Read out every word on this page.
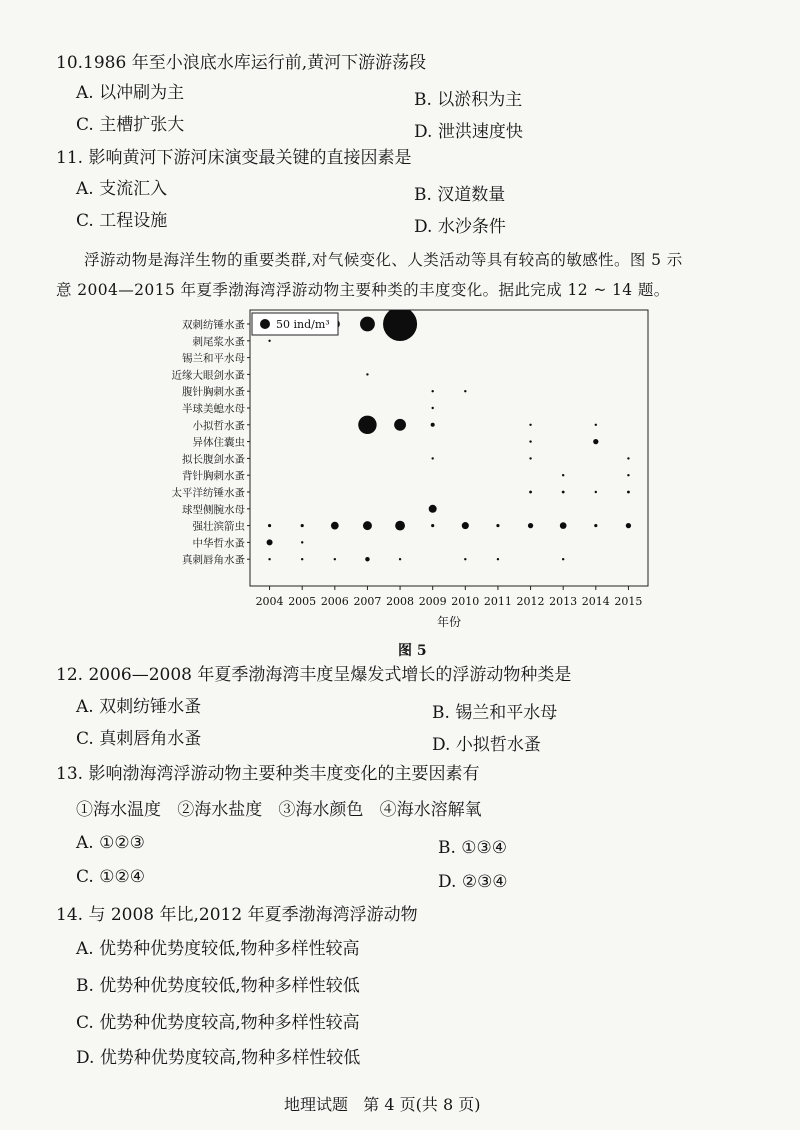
10.1986 年至小浪底水库运行前,黄河下游游荡段
A. 以冲刷为主	B. 以淤积为主
C. 主槽扩张大	D. 泄洪速度快
11. 影响黄河下游河床演变最关键的直接因素是
A. 支流汇入	B. 汊道数量
C. 工程设施	D. 水沙条件
浮游动物是海洋生物的重要类群,对气候变化、人类活动等具有较高的敏感性。图 5 示
意 2004—2015 年夏季渤海湾浮游动物主要种类的丰度变化。据此完成 12 ~ 14 题。
双刺纺锤水蚤
刺尾浆水蚤
锡兰和平水母
近缘大眼剑水蚤
腹针胸刺水蚤
半球美螅水母
小拟哲水蚤
异体住囊虫
拟长腹剑水蚤
背针胸刺水蚤
太平洋纺锤水蚤
球型侧腕水母
强壮滨箭虫
中华哲水蚤
真刺唇角水蚤
2004 2005 2006 2007 2008 2009 2010 2011 2012 2013 2014 2015
50 ind/m³
年份
图 5
12. 2006—2008 年夏季渤海湾丰度呈爆发式增长的浮游动物种类是
A. 双刺纺锤水蚤	B. 锡兰和平水母
C. 真刺唇角水蚤	D. 小拟哲水蚤
13. 影响渤海湾浮游动物主要种类丰度变化的主要因素有
①海水温度   ②海水盐度   ③海水颜色   ④海水溶解氧
A. ①②③	B. ①③④
C. ①②④	D. ②③④
14. 与 2008 年比,2012 年夏季渤海湾浮游动物
A. 优势种优势度较低,物种多样性较高
B. 优势种优势度较低,物种多样性较低
C. 优势种优势度较高,物种多样性较高
D. 优势种优势度较高,物种多样性较低
地理试题   第 4 页(共 8 页)
